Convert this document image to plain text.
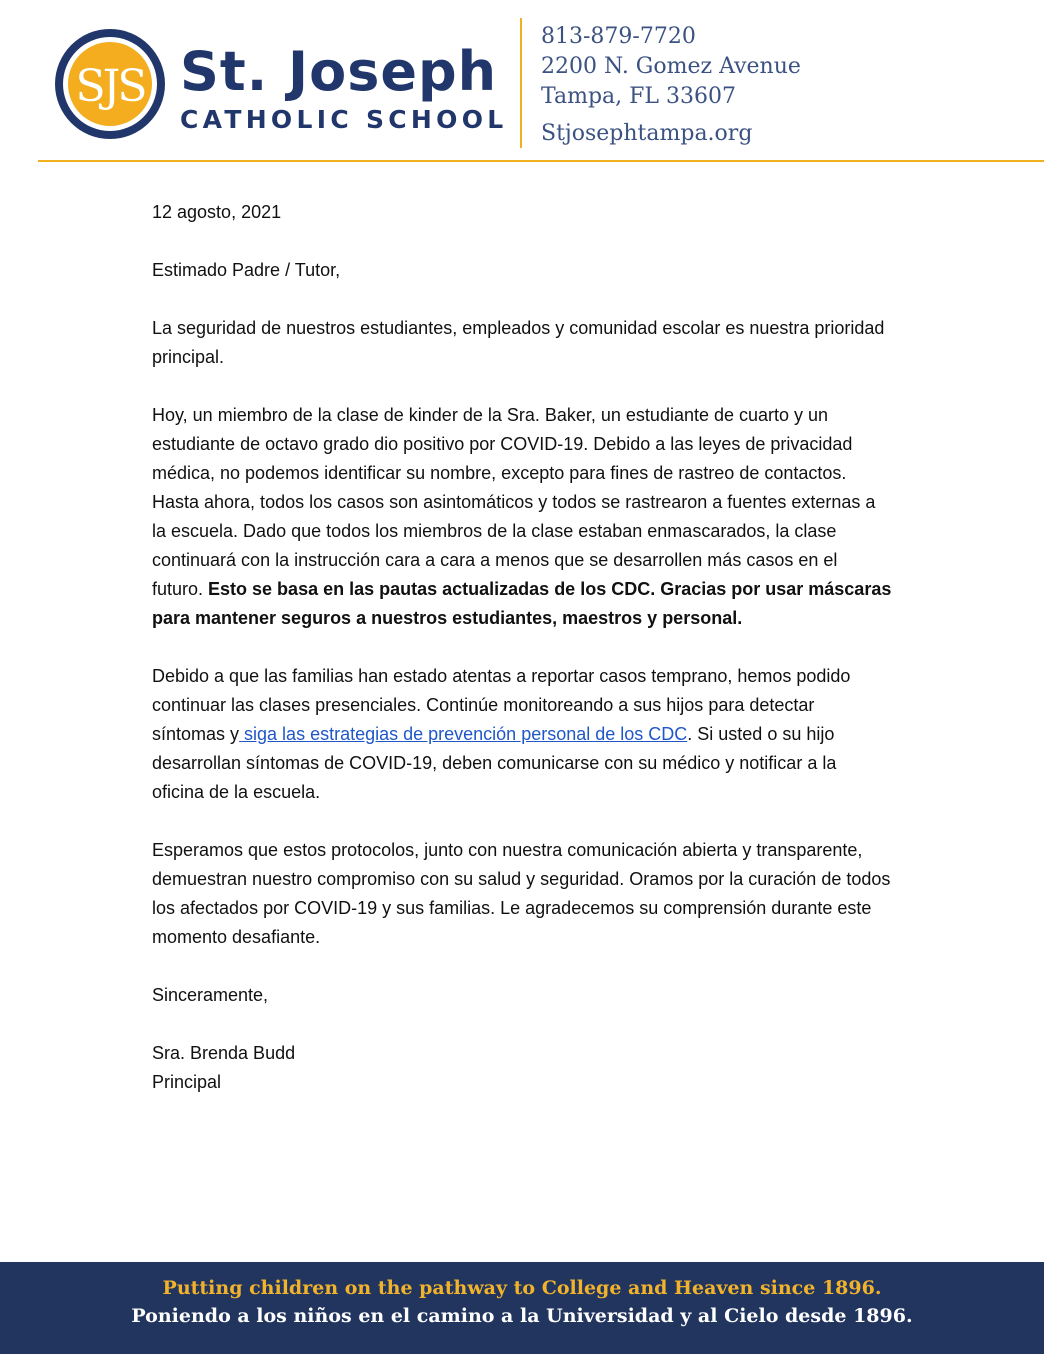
SJS St. Joseph
CATHOLIC SCHOOL
813-879-7720
2200 N. Gomez Avenue
Tampa, FL 33607
Stjosephtampa.org

12 agosto, 2021

Estimado Padre / Tutor,

La seguridad de nuestros estudiantes, empleados y comunidad escolar es nuestra prioridad principal.

Hoy, un miembro de la clase de kinder de la Sra. Baker, un estudiante de cuarto y un estudiante de octavo grado dio positivo por COVID-19. Debido a las leyes de privacidad médica, no podemos identificar su nombre, excepto para fines de rastreo de contactos. Hasta ahora, todos los casos son asintomáticos y todos se rastrearon a fuentes externas a la escuela. Dado que todos los miembros de la clase estaban enmascarados, la clase continuará con la instrucción cara a cara a menos que se desarrollen más casos en el futuro. Esto se basa en las pautas actualizadas de los CDC. Gracias por usar máscaras para mantener seguros a nuestros estudiantes, maestros y personal.

Debido a que las familias han estado atentas a reportar casos temprano, hemos podido continuar las clases presenciales. Continúe monitoreando a sus hijos para detectar síntomas y siga las estrategias de prevención personal de los CDC. Si usted o su hijo desarrollan síntomas de COVID-19, deben comunicarse con su médico y notificar a la oficina de la escuela.

Esperamos que estos protocolos, junto con nuestra comunicación abierta y transparente, demuestran nuestro compromiso con su salud y seguridad. Oramos por la curación de todos los afectados por COVID-19 y sus familias. Le agradecemos su comprensión durante este momento desafiante.

Sinceramente,

Sra. Brenda Budd
Principal

Putting children on the pathway to College and Heaven since 1896.
Poniendo a los niños en el camino a la Universidad y al Cielo desde 1896.
